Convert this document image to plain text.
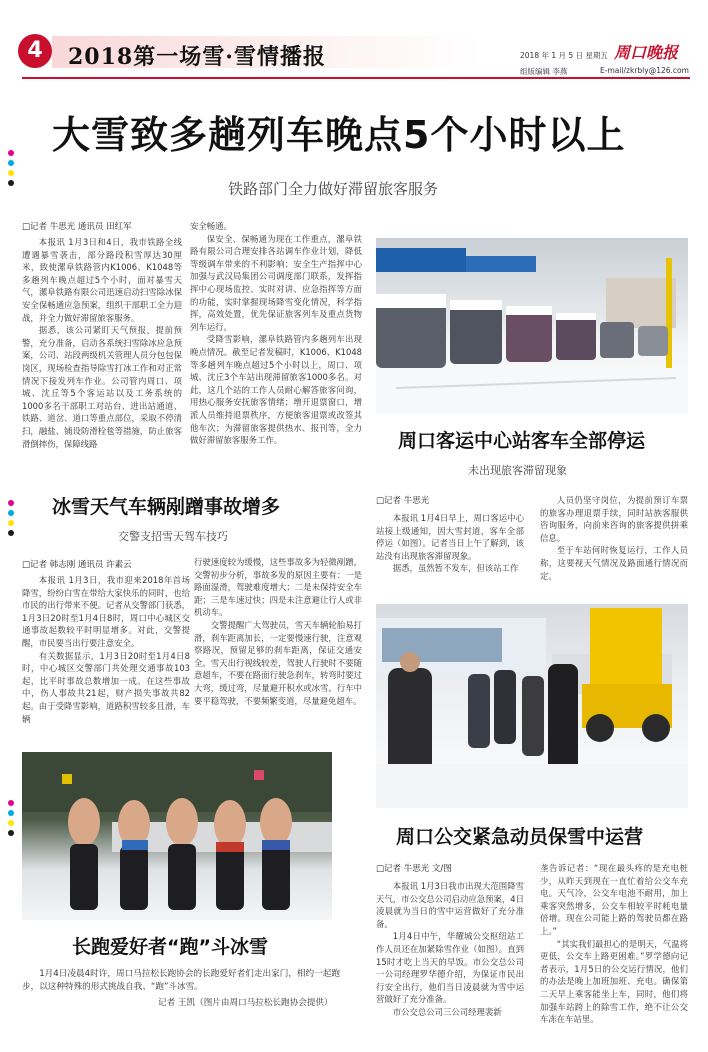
4	2018第一场雪·雪情播报	2018 年 1 月 5 日 星期五 周口晚报
组版编辑 李燕	E-mail/zkrbly@126.com
大雪致多趟列车晚点5个小时以上
铁路部门全力做好滞留旅客服务
□记者 牛思光 通讯员 田红军

本报讯 1月3日和4日，我市铁路全线遭遇暴雪袭击，部分路段积雪厚达30厘米，致使漯阜铁路管内K1006、K1048等多趟列车晚点超过5个小时，面对暴雪天气，漯阜铁路有限公司迅速启动扫雪除冰保安全保畅通应急预案，组织干部职工全力迎战，并全力做好滞留旅客服务。

据悉，该公司紧盯天气预报，提前预警，充分准备，启动各系统扫雪除冰应急预案，公司、站段两级机关管理人员分包包保岗区，现场检查指导除雪打冰工作和对正常情况下接发列车作业。公司管内周口、项城、沈丘等5个客运站以及工务系统的1000多名干部职工对站台、进出站通道、铁路、道岔、道口等重点部位，采取不停清扫，融盐、铺设防滑栓毯等措施，防止旅客滑倒摔伤，保障线路

安全畅通。

保安全、保畅通为现在工作重点，漯阜铁路有限公司合理安排各站调车作业计划，降低等级调车带来的不利影响；安全生产指挥中心加强与武汉局集团公司调度部门联系，发挥指挥中心现场监控、实时对讲、应急指挥等方面的功能，实时掌握现场降雪变化情况，科学指挥，高效处置，优先保证旅客列车及重点货物列车运行。

受降雪影响，漯阜铁路管内多趟列车出现晚点情况。截至记者发稿时，K1006、K1048等多趟列车晚点超过5个小时以上，周口、项城、沈丘3个车站出现滞留旅客1000多名。对此，这几个站的工作人员耐心解答旅客问询，用热心服务安抚旅客情绪；增开退票窗口，增派人员维持退票秩序，方便旅客退票或改签其他车次；为滞留旅客提供热水、报刊等，全力做好滞留旅客服务工作。	周口客运中心站客车全部停运
未出现旅客滞留现象
□记者 牛思光

本报讯 1月4日早上，周口客运中心站接上级通知，因大雪封道，客车全部停运（如图）。记者当日上午了解到，该站没有出现旅客滞留现象。

据悉，虽然暂不发车，但该站工作

人员仍坚守岗位，为提前预订车票的旅客办理退票手续，同时站族客服供咨询服务，向前来咨询的旅客提供拼乘信息。

至于车站何时恢复运行，工作人员称，这要视天气情况及路面通行情况而定。

冰雪天气车辆剐蹭事故增多
交警支招雪天驾车技巧
□记者 韩志刚 通讯员 许素云

本报讯 1月3日，我市迎来2018年首场降雪，纷纷白雪在带给大家快乐的同时，也给市民的出行带来不便。记者从交警部门获悉，1月3日20时至1月4日8时，周口中心城区交通事故起数较平时明显增多。对此，交警提醒，市民要当出行要注意安全。

有关数据显示，1月3日20时至1月4日8时，中心城区交警部门共处理交通事故103起，比平时事故总数增加一成。在这些事故中，伤人事故共21起，财产损失事故共82起。由于受降雪影响，道路积雪较多且滑，车辆

行驶速度较为缓慢，这些事故多为轻微剐蹭，交警初步分析，事故多发的原因主要有：一是路面湿滑，驾驶难度增大；二是未保持安全车距；三是车速过快；四是未注意避让行人或非机动车。

交警提醒广大驾驶员，雪天车辆轮胎易打滑，刹车距离加长，一定要慢速行驶，注意观察路况，预留足够的刹车距离，保证交通安全。雪天出行视线较差，驾驶人行驶时不要随意超车，不要在路面行驶急刹车，转弯时要过大弯，缓过弯，尽量避开积水或冰雪。行车中要平稳驾驶，不要频繁变道，尽量避免超车。

周口公交紧急动员保雪中运营
□记者 牛思光 文/图

本报讯 1月3日我市出现大范围降雪天气，市公交总公司启动应急预案，4日凌晨就为当日的雪中运营做好了充分准备。

1月4日中午，华耀城公交枢纽站工作人员还在加紧除雪作业（如图）。直到15时才吃上当天的早饭。市公交总公司一公司经理罗华德介绍，为保证市民出行安全出行，他们当日凌晨就为雪中运营做好了充分准备。

市公交总公司三公司经理裴新

垄告诉记者：“现在最头疼的是充电桩少，从昨天到现在一直忙着给公交车充电。天气冷，公交车电池不耐用，加上乘客突然增多，公交车相较平时耗电量倍增。现在公司能上路的驾驶员都在路上。”

“其实我们最担心的是明天，气温将更低，公交车上路更困难。”罗学德向记者表示，1月5日的公交运行情况，他们的办法是晚上加班加班、充电。确保第二天早上乘客能坐上车，同时，他们将加强车站跨上的除雪工作，绝不让公交车冻在车站里。

长跑爱好者“跑”斗冰雪

1月4日凌晨4时许，周口马拉松长跑协会的长跑爱好者们走出家门，相约一起跑步，以这种特殊的形式挑战自我、“跑”斗冰雪。

记者 王凯（图片由周口马拉松长跑协会提供）
